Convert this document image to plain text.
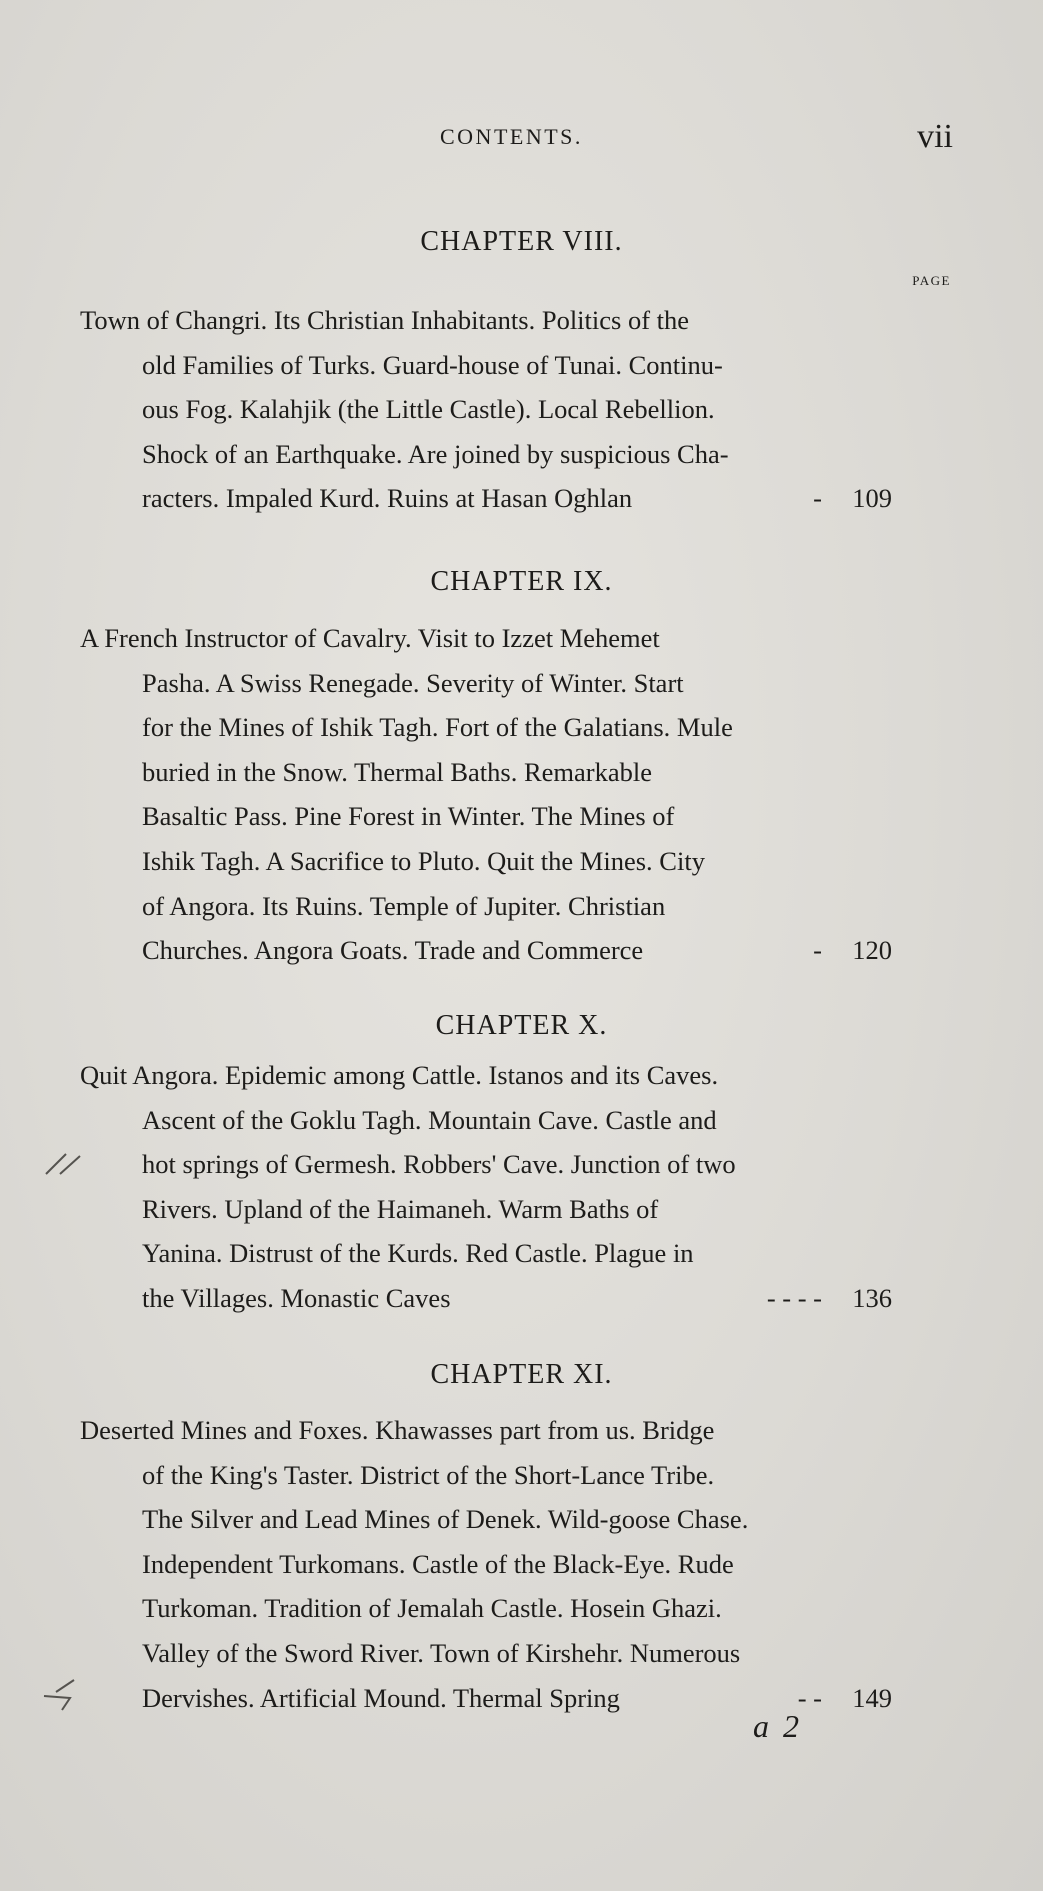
CONTENTS.	vii
PAGE
CHAPTER VIII.
Town of Changri. Its Christian Inhabitants. Politics of the
old Families of Turks. Guard-house of Tunai. Continu-
ous Fog. Kalahjik (the Little Castle). Local Rebellion.
Shock of an Earthquake. Are joined by suspicious Cha-
racters. Impaled Kurd. Ruins at Hasan Oghlan	-	109
CHAPTER IX.
A French Instructor of Cavalry. Visit to Izzet Mehemet
Pasha. A Swiss Renegade. Severity of Winter. Start
for the Mines of Ishik Tagh. Fort of the Galatians. Mule
buried in the Snow. Thermal Baths. Remarkable
Basaltic Pass. Pine Forest in Winter. The Mines of
Ishik Tagh. A Sacrifice to Pluto. Quit the Mines. City
of Angora. Its Ruins. Temple of Jupiter. Christian
Churches. Angora Goats. Trade and Commerce	-	120
CHAPTER X.
Quit Angora. Epidemic among Cattle. Istanos and its Caves.
Ascent of the Goklu Tagh. Mountain Cave. Castle and
hot springs of Germesh. Robbers' Cave. Junction of two
Rivers. Upland of the Haimaneh. Warm Baths of
Yanina. Distrust of the Kurds. Red Castle. Plague in
the Villages. Monastic Caves	- - - -	136
CHAPTER XI.
Deserted Mines and Foxes. Khawasses part from us. Bridge
of the King's Taster. District of the Short-Lance Tribe.
The Silver and Lead Mines of Denek. Wild-goose Chase.
Independent Turkomans. Castle of the Black-Eye. Rude
Turkoman. Tradition of Jemalah Castle. Hosein Ghazi.
Valley of the Sword River. Town of Kirshehr. Numerous
Dervishes. Artificial Mound. Thermal Spring	- -	149
a 2
